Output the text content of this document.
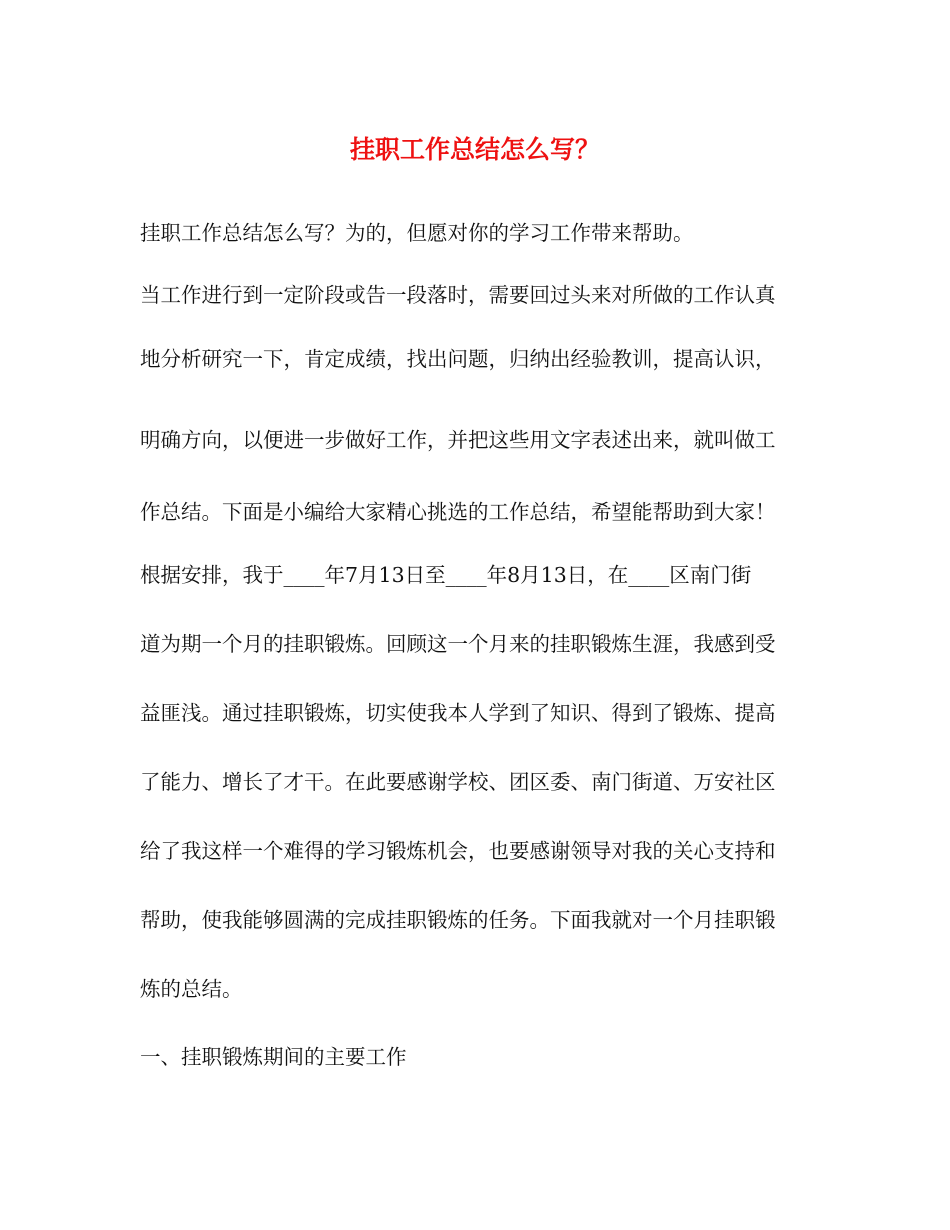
挂职工作总结怎么写？

挂职工作总结怎么写？为的，但愿对你的学习工作带来帮助。

当工作进行到一定阶段或告一段落时，需要回过头来对所做的工作认真

地分析研究一下，肯定成绩，找出问题，归纳出经验教训，提高认识，

明确方向，以便进一步做好工作，并把这些用文字表述出来，就叫做工

作总结。下面是小编给大家精心挑选的工作总结，希望能帮助到大家！

根据安排，我于____年7月13日至____年8月13日，在____区南门街

道为期一个月的挂职锻炼。回顾这一个月来的挂职锻炼生涯，我感到受

益匪浅。通过挂职锻炼，切实使我本人学到了知识、得到了锻炼、提高

了能力、增长了才干。在此要感谢学校、团区委、南门街道、万安社区

给了我这样一个难得的学习锻炼机会，也要感谢领导对我的关心支持和

帮助，使我能够圆满的完成挂职锻炼的任务。下面我就对一个月挂职锻

炼的总结。

一、挂职锻炼期间的主要工作
